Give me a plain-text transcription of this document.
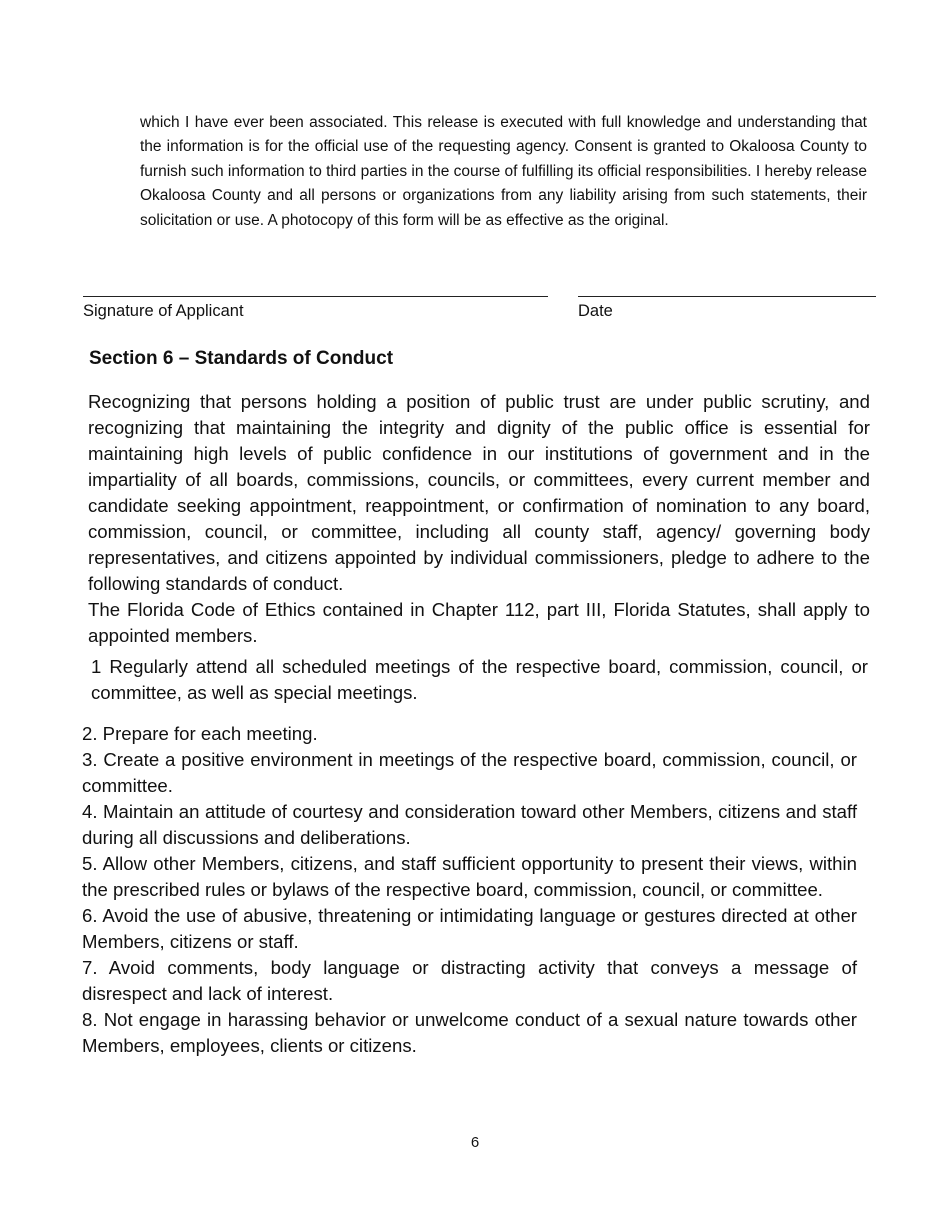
which I have ever been associated. This release is executed with full knowledge and understanding that the information is for the official use of the requesting agency. Consent is granted to Okaloosa County to furnish such information to third parties in the course of fulfilling its official responsibilities. I hereby release Okaloosa County and all persons or organizations from any liability arising from such statements, their solicitation or use. A photocopy of this form will be as effective as the original.

Signature of Applicant	Date

Section 6 – Standards of Conduct

Recognizing that persons holding a position of public trust are under public scrutiny, and recognizing that maintaining the integrity and dignity of the public office is essential for maintaining high levels of public confidence in our institutions of government and in the impartiality of all boards, commissions, councils, or committees, every current member and candidate seeking appointment, reappointment, or confirmation of nomination to any board, commission, council, or committee, including all county staff, agency/ governing body representatives, and citizens appointed by individual commissioners, pledge to adhere to the following standards of conduct.

The Florida Code of Ethics contained in Chapter 112, part III, Florida Statutes, shall apply to appointed members.

1 Regularly attend all scheduled meetings of the respective board, commission, council, or committee, as well as special meetings.

2. Prepare for each meeting.
3. Create a positive environment in meetings of the respective board, commission, council, or committee.
4. Maintain an attitude of courtesy and consideration toward other Members, citizens and staff during all discussions and deliberations.
5. Allow other Members, citizens, and staff sufficient opportunity to present their views, within the prescribed rules or bylaws of the respective board, commission, council, or committee.
6. Avoid the use of abusive, threatening or intimidating language or gestures directed at other Members, citizens or staff.
7. Avoid comments, body language or distracting activity that conveys a message of disrespect and lack of interest.
8. Not engage in harassing behavior or unwelcome conduct of a sexual nature towards other Members, employees, clients or citizens.

6
